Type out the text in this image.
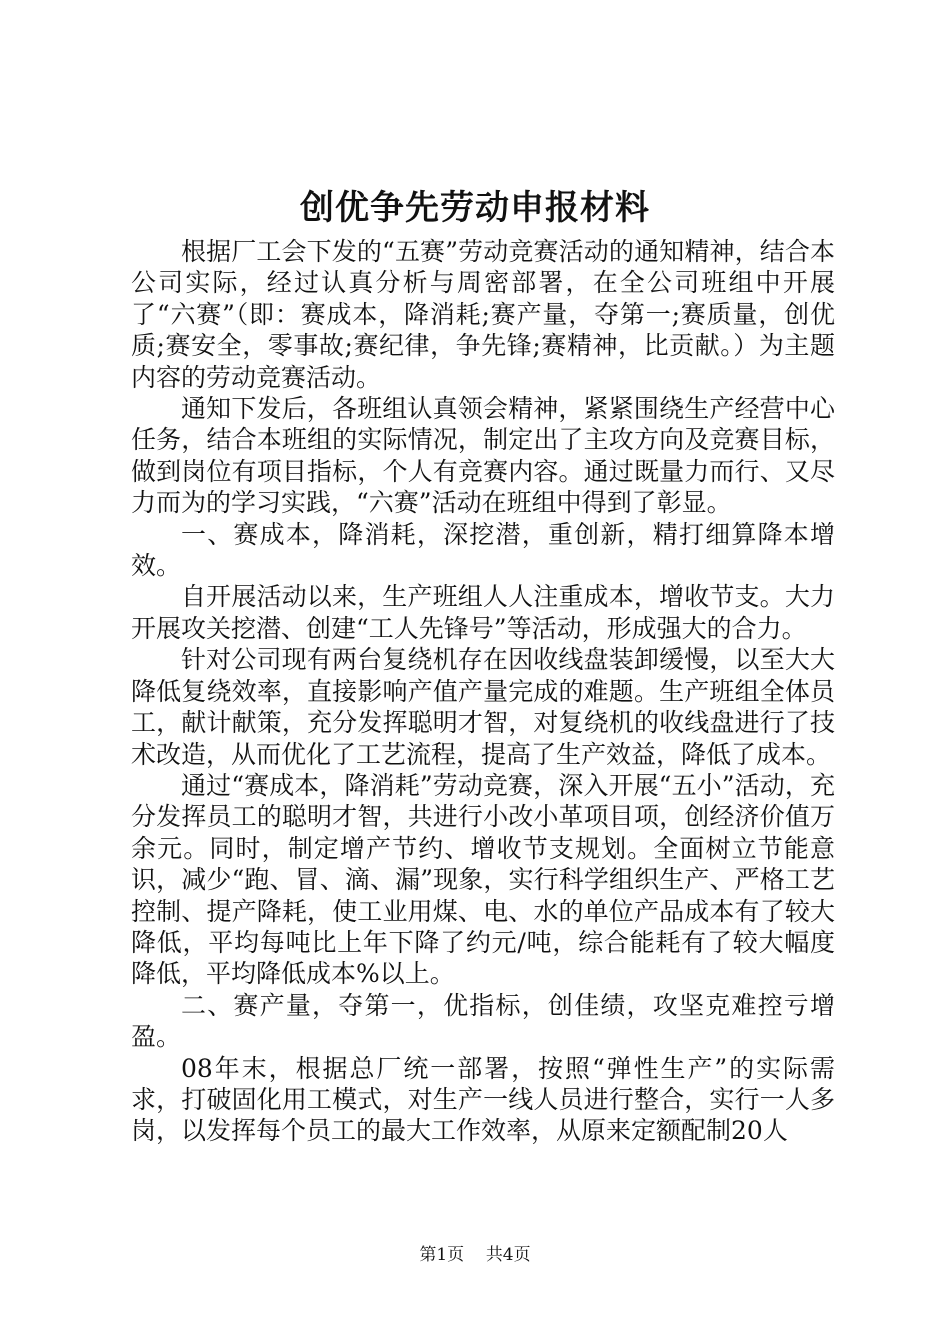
创优争先劳动申报材料

根据厂工会下发的“五赛”劳动竞赛活动的通知精神，结合本公司实际，经过认真分析与周密部署，在全公司班组中开展了“六赛”（即：赛成本，降消耗;赛产量，夺第一;赛质量，创优质;赛安全，零事故;赛纪律，争先锋;赛精神，比贡献。）为主题内容的劳动竞赛活动。

通知下发后，各班组认真领会精神，紧紧围绕生产经营中心任务，结合本班组的实际情况，制定出了主攻方向及竞赛目标，做到岗位有项目指标，个人有竞赛内容。通过既量力而行、又尽力而为的学习实践，“六赛”活动在班组中得到了彰显。

一、赛成本，降消耗，深挖潜，重创新，精打细算降本增效。

自开展活动以来，生产班组人人注重成本，增收节支。大力开展攻关挖潜、创建“工人先锋号”等活动，形成强大的合力。

针对公司现有两台复绕机存在因收线盘装卸缓慢，以至大大降低复绕效率，直接影响产值产量完成的难题。生产班组全体员工，献计献策，充分发挥聪明才智，对复绕机的收线盘进行了技术改造，从而优化了工艺流程，提高了生产效益，降低了成本。

通过“赛成本，降消耗”劳动竞赛，深入开展“五小”活动，充分发挥员工的聪明才智，共进行小改小革项目项，创经济价值万余元。同时，制定增产节约、增收节支规划。全面树立节能意识，减少“跑、冒、滴、漏”现象，实行科学组织生产、严格工艺控制、提产降耗，使工业用煤、电、水的单位产品成本有了较大降低，平均每吨比上年下降了约元/吨，综合能耗有了较大幅度降低，平均降低成本%以上。

二、赛产量，夺第一，优指标，创佳绩，攻坚克难控亏增盈。

08年末，根据总厂统一部署，按照“弹性生产”的实际需求，打破固化用工模式，对生产一线人员进行整合，实行一人多岗，以发挥每个员工的最大工作效率，从原来定额配制20人

第1页 共4页
